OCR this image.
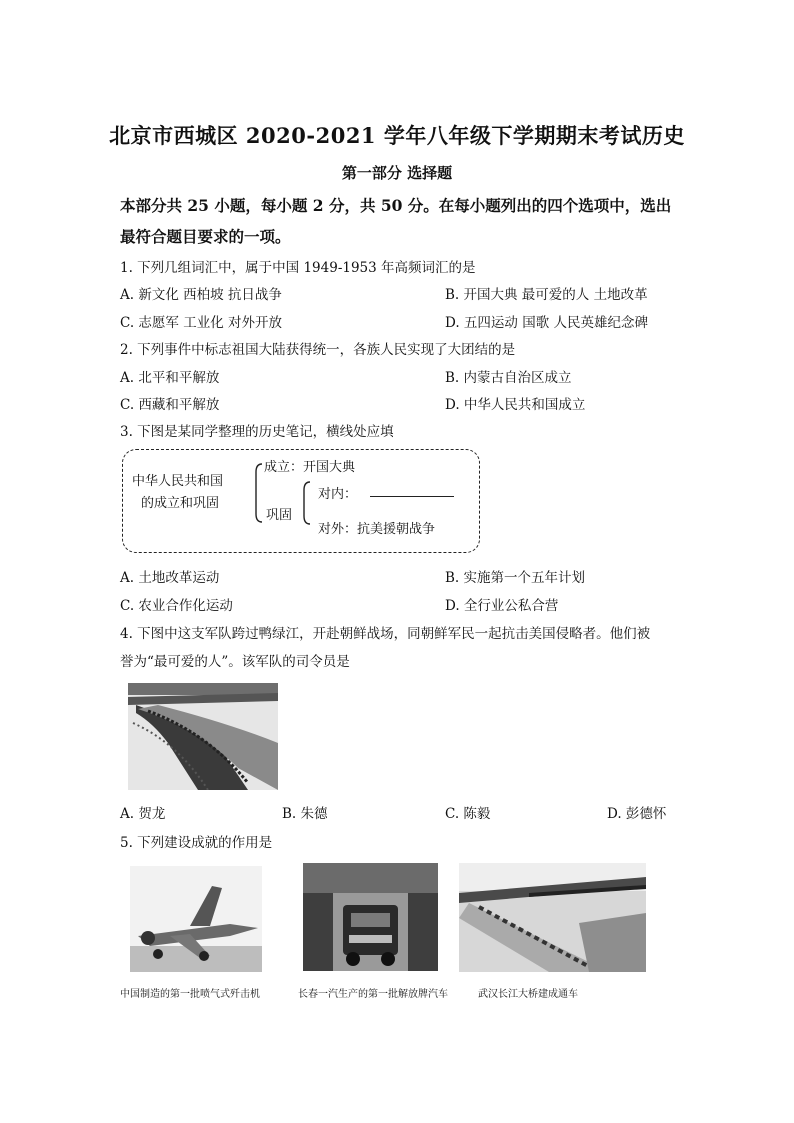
北京市西城区 2020-2021 学年八年级下学期期末考试历史
第一部分 选择题
本部分共 25 小题，每小题 2 分，共 50 分。在每小题列出的四个选项中，选出
最符合题目要求的一项。
1. 下列几组词汇中，属于中国 1949-1953 年高频词汇的是
A. 新文化 西柏坡 抗日战争	B. 开国大典 最可爱的人 土地改革
C. 志愿军 工业化 对外开放	D. 五四运动 国歌 人民英雄纪念碑
2. 下列事件中标志祖国大陆获得统一，各族人民实现了大团结的是
A. 北平和平解放	B. 内蒙古自治区成立
C. 西藏和平解放	D. 中华人民共和国成立
3. 下图是某同学整理的历史笔记，横线处应填
中华人民共和国
的成立和巩固
成立：开国大典
巩固
对内：
对外：抗美援朝战争
A. 土地改革运动	B. 实施第一个五年计划
C. 农业合作化运动	D. 全行业公私合营
4. 下图中这支军队跨过鸭绿江，开赴朝鲜战场，同朝鲜军民一起抗击美国侵略者。他们被
誉为“最可爱的人”。该军队的司令员是
A. 贺龙	B. 朱德	C. 陈毅	D. 彭德怀
5. 下列建设成就的作用是
中国制造的第一批喷气式歼击机	长春一汽生产的第一批解放牌汽车	武汉长江大桥建成通车
